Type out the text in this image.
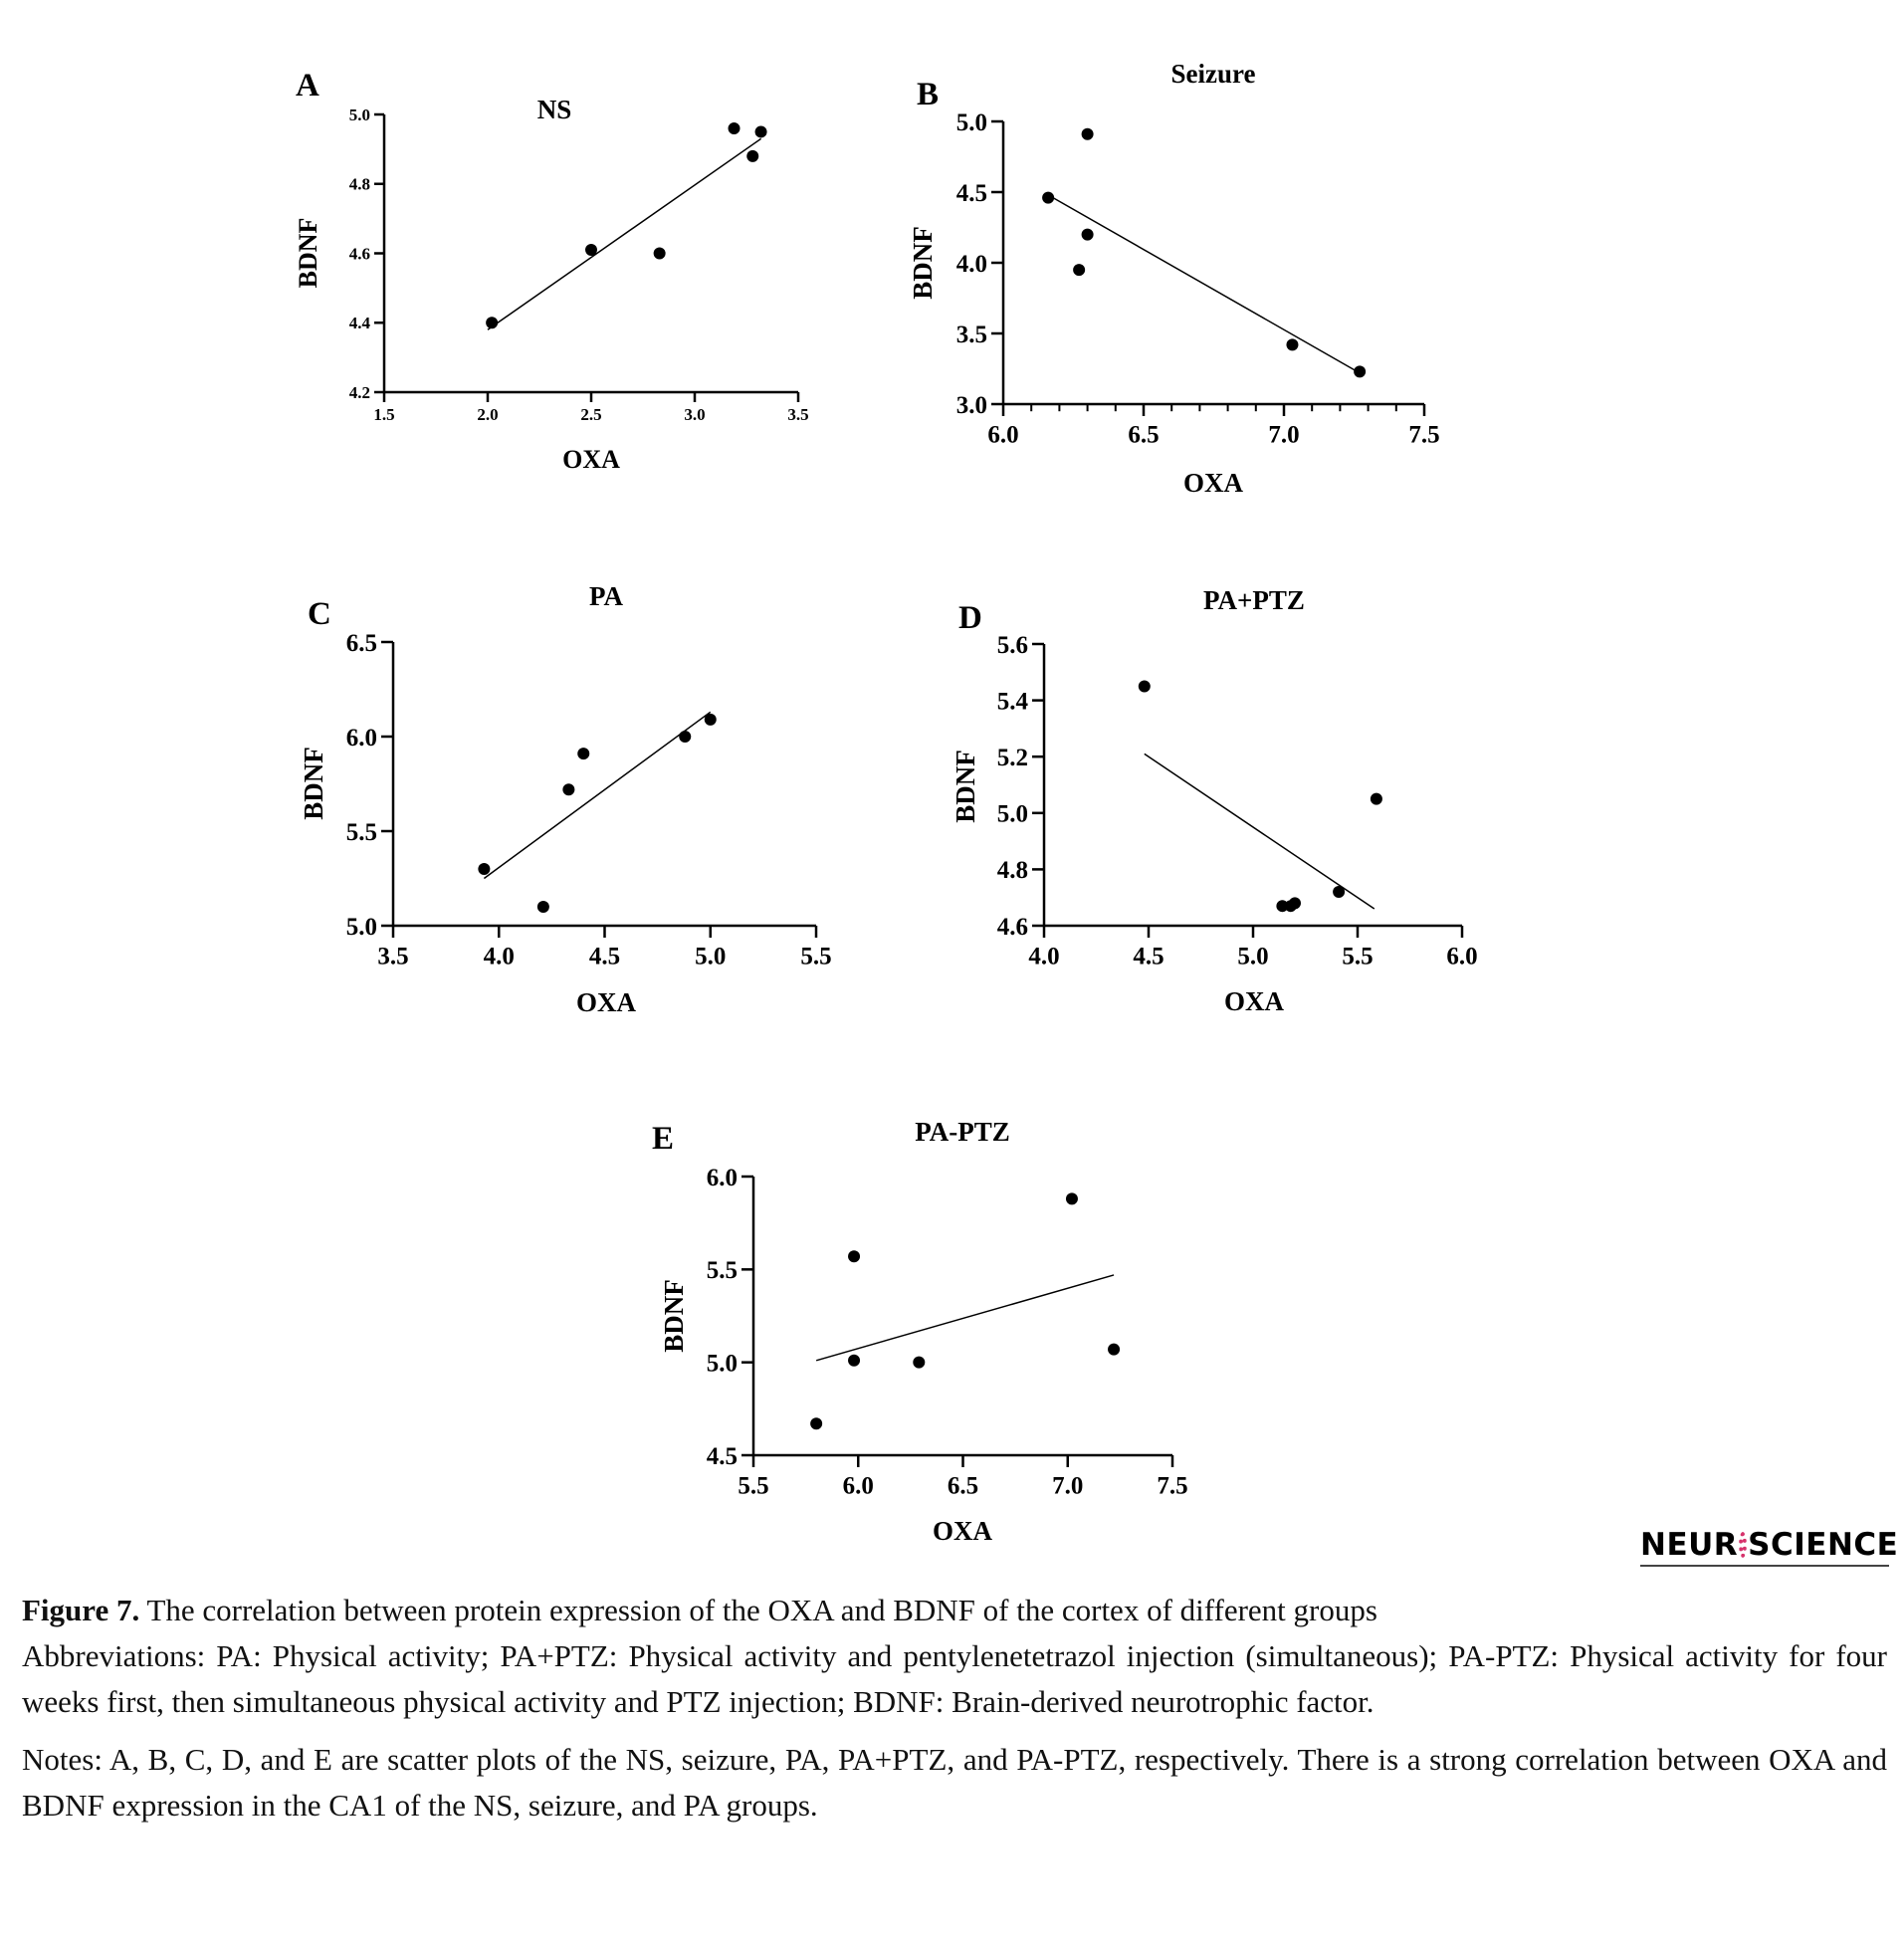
4.2
4.4
4.6
4.8
5.0
1.5	2.0	2.5	3.0	3.5
A
NS
OXA
BDNF
3.0
3.5
4.0
4.5
5.0
6.0	6.5	7.0	7.5
B
Seizure
OXA
BDNF
5.0
5.5
6.0
6.5
3.5	4.0	4.5	5.0	5.5
C	PA
OXA
BDNF
4.6
4.8
5.0
5.2
5.4
5.6
4.0	4.5	5.0	5.5	6.0
D	PA+PTZ
OXA
BDNF
4.5
5.0
5.5
6.0
5.5	6.0	6.5	7.0	7.5
E	PA-PTZ
OXA
BDNF
NEUR SCIENCE

Figure 7. The correlation between protein expression of the OXA and BDNF of the cortex of different groups

Abbreviations: PA: Physical activity; PA+PTZ: Physical activity and pentylenetetrazol injection (simultaneous); PA-PTZ: Physical activity for four weeks first, then simultaneous physical activity and PTZ injection; BDNF: Brain-derived neurotrophic factor.

Notes: A, B, C, D, and E are scatter plots of the NS, seizure, PA, PA+PTZ, and PA-PTZ, respectively. There is a strong correlation between OXA and BDNF expression in the CA1 of the NS, seizure, and PA groups.
